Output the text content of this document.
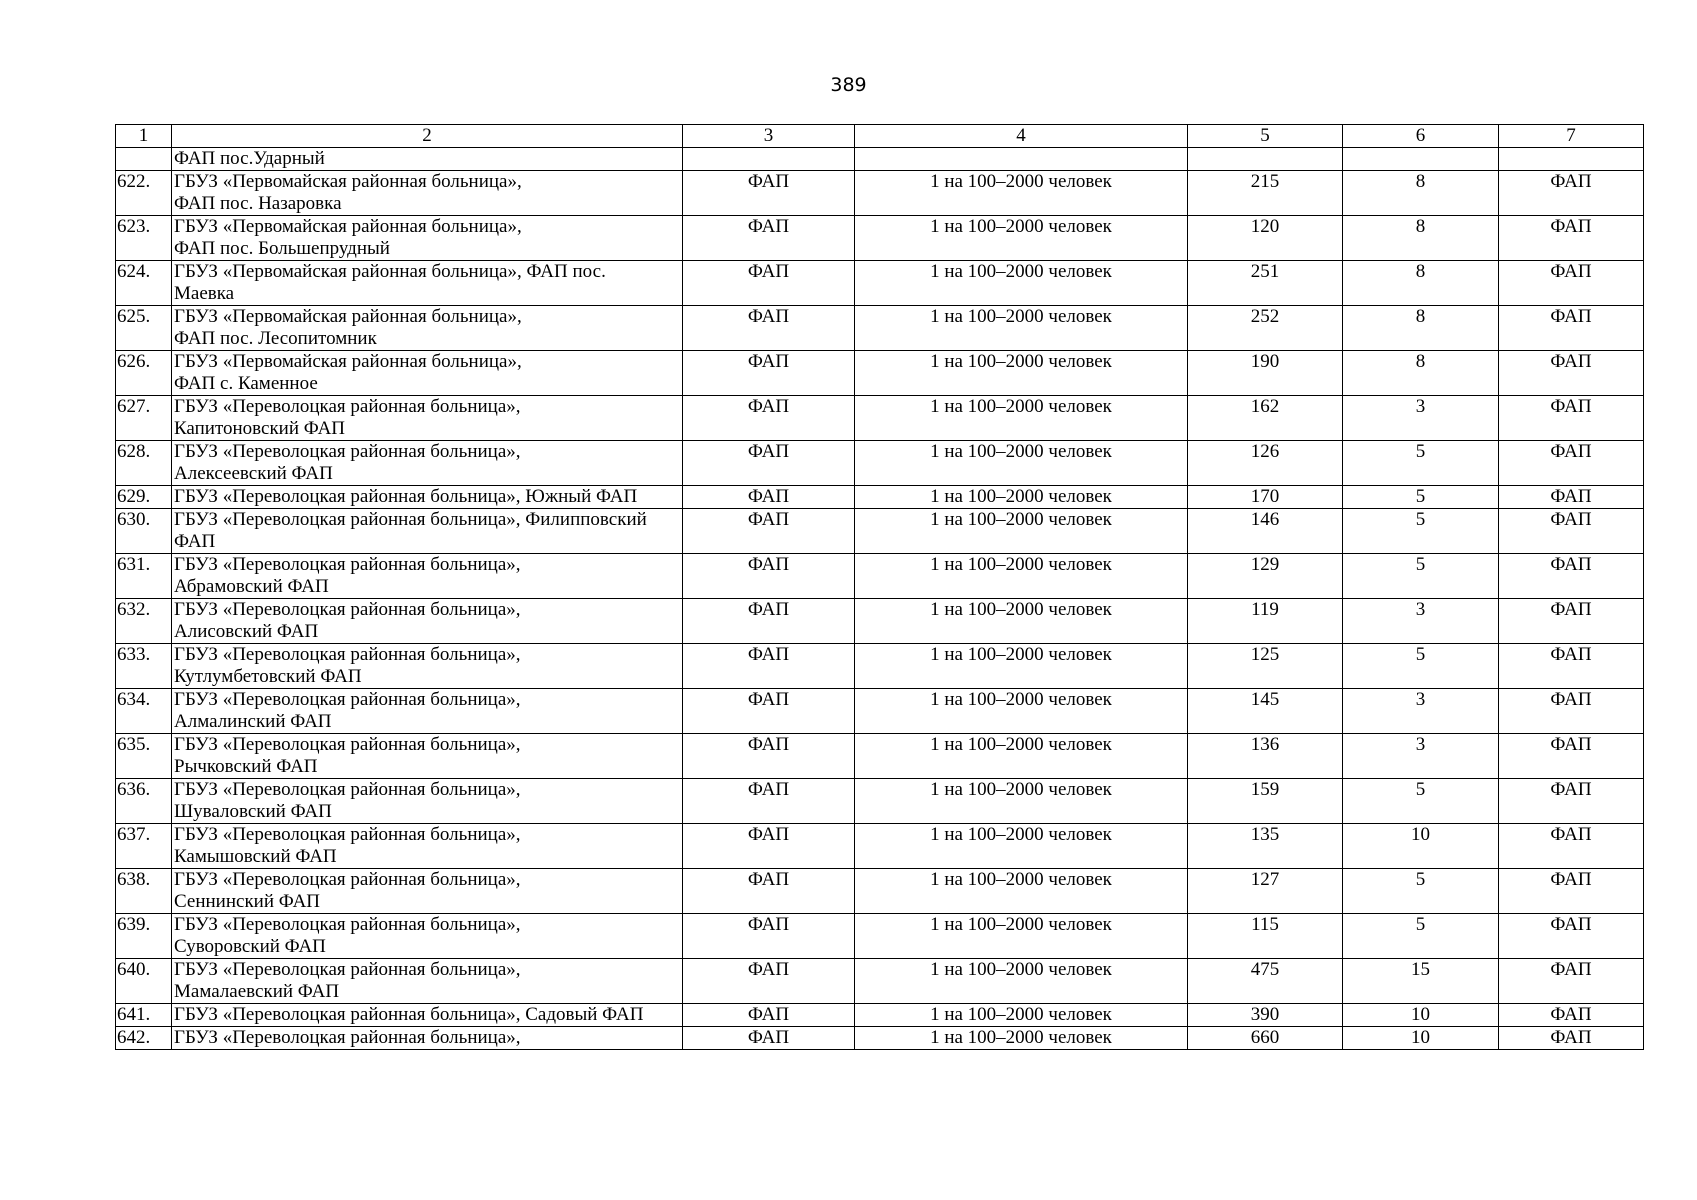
389
1	2	3	4	5	6	7

	ФАП пос.Ударный					

622.	ГБУЗ «Первомайская районная больница»,
ФАП пос. Назаровка	ФАП	1 на 100–2000 человек	215	8	ФАП
623.	ГБУЗ «Первомайская районная больница»,
ФАП пос. Большепрудный	ФАП	1 на 100–2000 человек	120	8	ФАП
624.	ГБУЗ «Первомайская районная больница», ФАП пос.
Маевка	ФАП	1 на 100–2000 человек	251	8	ФАП
625.	ГБУЗ «Первомайская районная больница»,
ФАП пос. Лесопитомник	ФАП	1 на 100–2000 человек	252	8	ФАП
626.	ГБУЗ «Первомайская районная больница»,
ФАП с. Каменное	ФАП	1 на 100–2000 человек	190	8	ФАП
627.	ГБУЗ «Переволоцкая районная больница»,
Капитоновский ФАП	ФАП	1 на 100–2000 человек	162	3	ФАП
628.	ГБУЗ «Переволоцкая районная больница»,
Алексеевский ФАП	ФАП	1 на 100–2000 человек	126	5	ФАП
629.	ГБУЗ «Переволоцкая районная больница», Южный ФАП	ФАП	1 на 100–2000 человек	170	5	ФАП
630.	ГБУЗ «Переволоцкая районная больница», Филипповский
ФАП	ФАП	1 на 100–2000 человек	146	5	ФАП
631.	ГБУЗ «Переволоцкая районная больница»,
Абрамовский ФАП	ФАП	1 на 100–2000 человек	129	5	ФАП
632.	ГБУЗ «Переволоцкая районная больница»,
Алисовский ФАП	ФАП	1 на 100–2000 человек	119	3	ФАП
633.	ГБУЗ «Переволоцкая районная больница»,
Кутлумбетовский ФАП	ФАП	1 на 100–2000 человек	125	5	ФАП
634.	ГБУЗ «Переволоцкая районная больница»,
Алмалинский ФАП	ФАП	1 на 100–2000 человек	145	3	ФАП
635.	ГБУЗ «Переволоцкая районная больница»,
Рычковский ФАП	ФАП	1 на 100–2000 человек	136	3	ФАП
636.	ГБУЗ «Переволоцкая районная больница»,
Шуваловский ФАП	ФАП	1 на 100–2000 человек	159	5	ФАП
637.	ГБУЗ «Переволоцкая районная больница»,
Камышовский ФАП	ФАП	1 на 100–2000 человек	135	10	ФАП
638.	ГБУЗ «Переволоцкая районная больница»,
Сеннинский ФАП	ФАП	1 на 100–2000 человек	127	5	ФАП
639.	ГБУЗ «Переволоцкая районная больница»,
Суворовский ФАП	ФАП	1 на 100–2000 человек	115	5	ФАП
640.	ГБУЗ «Переволоцкая районная больница»,
Мамалаевский ФАП	ФАП	1 на 100–2000 человек	475	15	ФАП
641.	ГБУЗ «Переволоцкая районная больница», Садовый ФАП	ФАП	1 на 100–2000 человек	390	10	ФАП
642.	ГБУЗ «Переволоцкая районная больница»,	ФАП	1 на 100–2000 человек	660	10	ФАП
